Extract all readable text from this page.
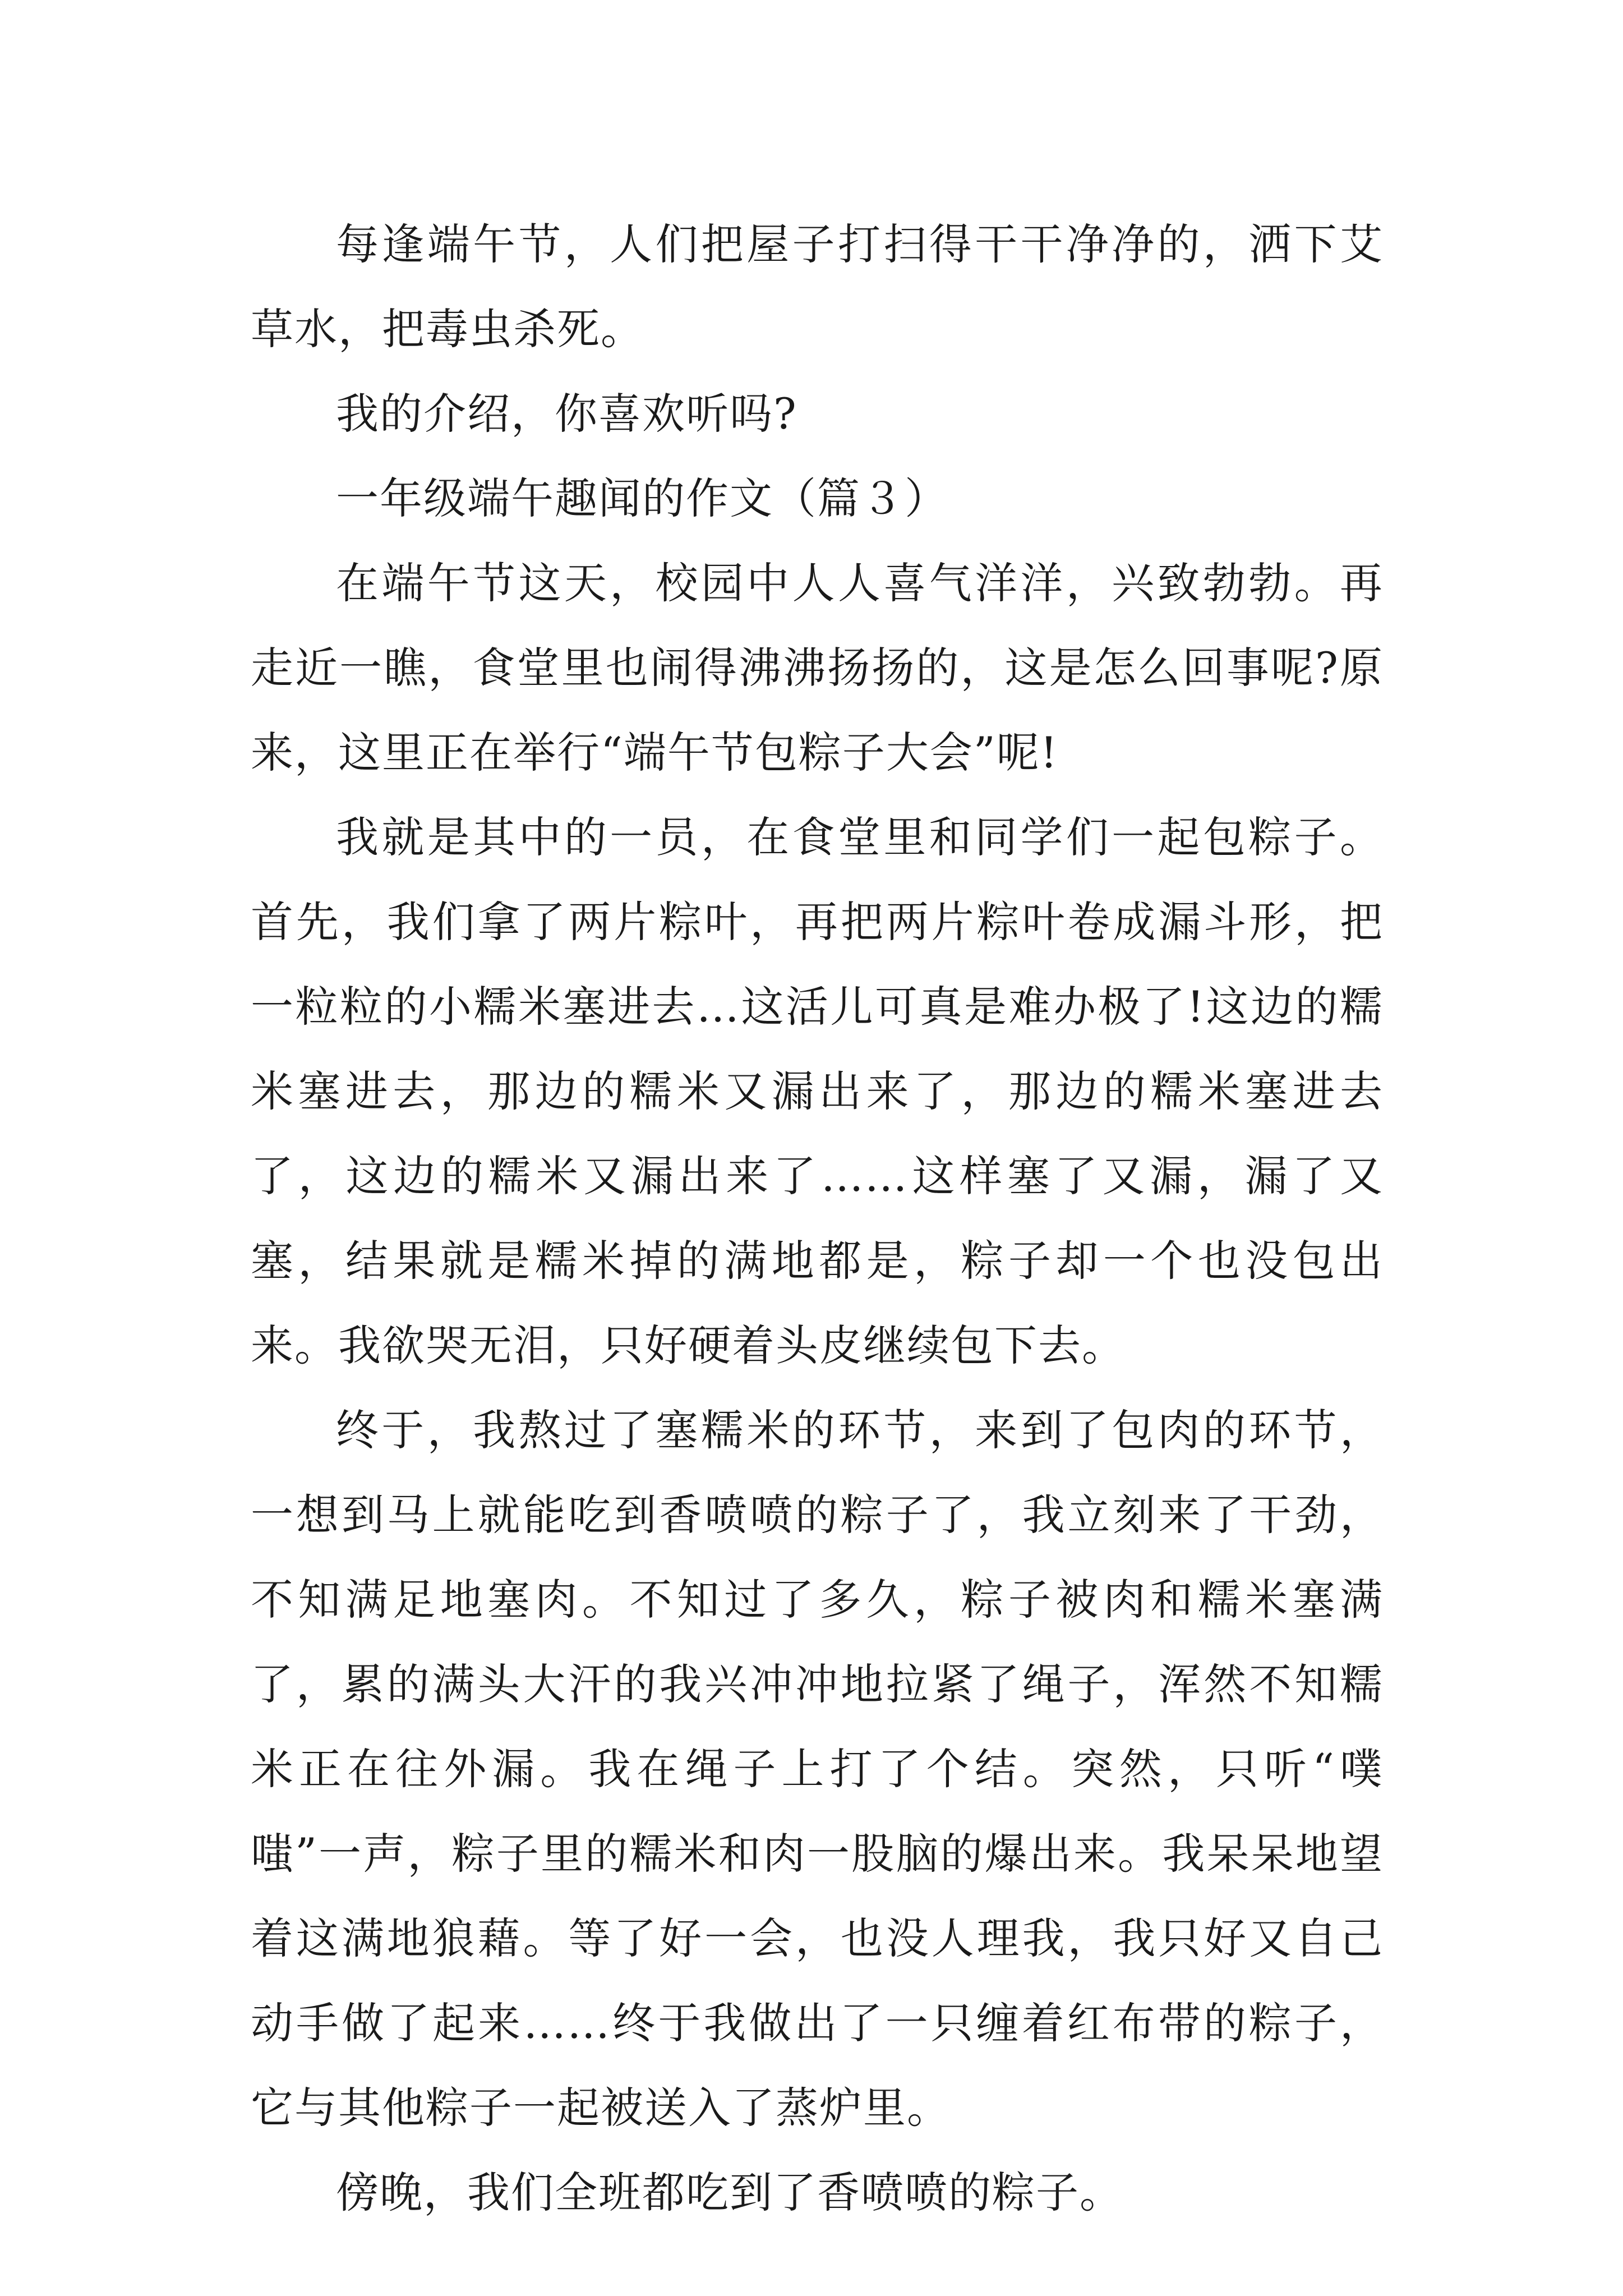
每逢端午节，人们把屋子打扫得干干净净的，洒下艾草水，把毒虫杀死。

我的介绍，你喜欢听吗?

一年级端午趣闻的作文（篇３）

在端午节这天，校园中人人喜气洋洋，兴致勃勃。再走近一瞧，食堂里也闹得沸沸扬扬的，这是怎么回事呢?原来，这里正在举行“端午节包粽子大会”呢!

我就是其中的一员，在食堂里和同学们一起包粽子。首先，我们拿了两片粽叶，再把两片粽叶卷成漏斗形，把一粒粒的小糯米塞进去…这活儿可真是难办极了!这边的糯米塞进去，那边的糯米又漏出来了，那边的糯米塞进去了，这边的糯米又漏出来了……这样塞了又漏，漏了又塞，结果就是糯米掉的满地都是，粽子却一个也没包出来。我欲哭无泪，只好硬着头皮继续包下去。

终于，我熬过了塞糯米的环节，来到了包肉的环节，一想到马上就能吃到香喷喷的粽子了，我立刻来了干劲，不知满足地塞肉。不知过了多久，粽子被肉和糯米塞满了，累的满头大汗的我兴冲冲地拉紧了绳子，浑然不知糯米正在往外漏。我在绳子上打了个结。突然，只听“噗嗤”一声，粽子里的糯米和肉一股脑的爆出来。我呆呆地望着这满地狼藉。等了好一会，也没人理我，我只好又自己动手做了起来……终于我做出了一只缠着红布带的粽子，它与其他粽子一起被送入了蒸炉里。

傍晚，我们全班都吃到了香喷喷的粽子。
